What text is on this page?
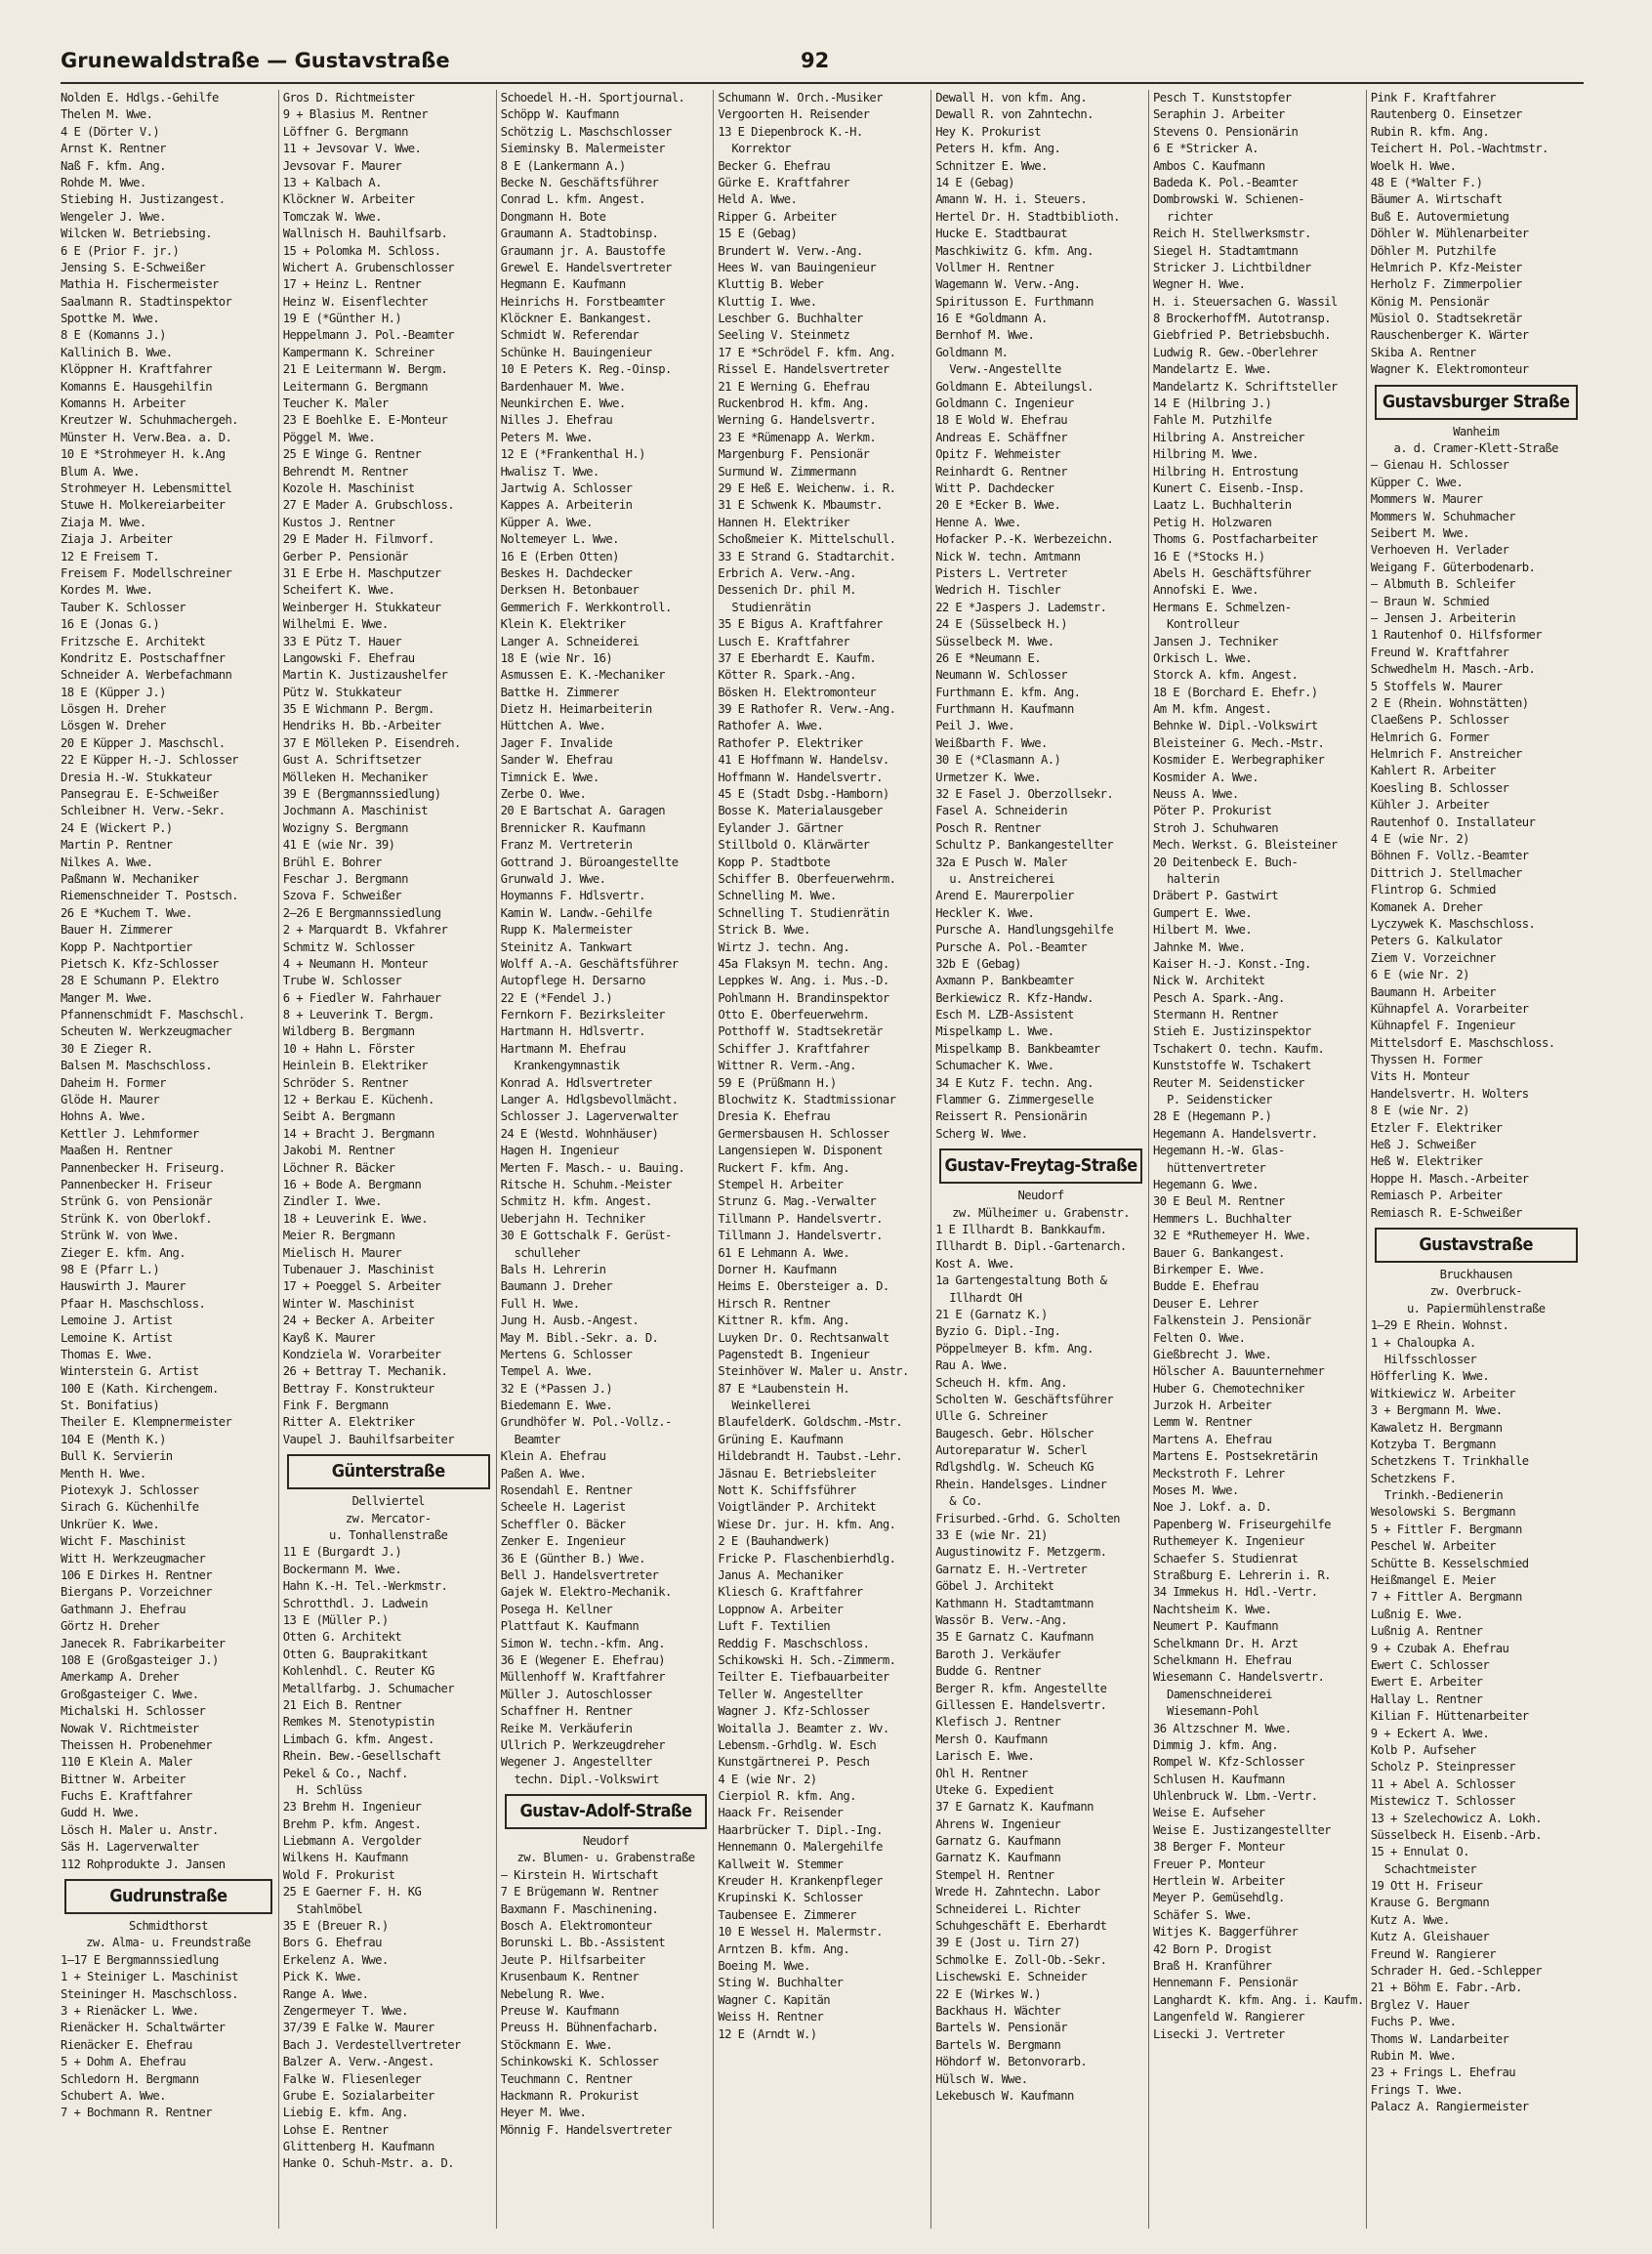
Grunewaldstraße — Gustavstraße	92
Nolden E. Hdlgs.-Gehilfe
Thelen M. Wwe.
4 E (Dörter V.)
Arnst K. Rentner
Naß F. kfm. Ang.
Rohde M. Wwe.
Stiebing H. Justizangest.
Wengeler J. Wwe.
Wilcken W. Betriebsing.
6 E (Prior F. jr.)
Jensing S. E-Schweißer
Mathia H. Fischermeister
Saalmann R. Stadtinspektor
Spottke M. Wwe.
8 E (Komanns J.)
Kallinich B. Wwe.
Klöppner H. Kraftfahrer
Komanns E. Hausgehilfin
Komanns H. Arbeiter
Kreutzer W. Schuhmachergeh.
Münster H. Verw.Bea. a. D.
10 E *Strohmeyer H. k.Ang
Blum A. Wwe.
Strohmeyer H. Lebensmittel
Stuwe H. Molkereiarbeiter
Ziaja M. Wwe.
Ziaja J. Arbeiter
12 E Freisem T.
Freisem F. Modellschreiner
Kordes M. Wwe.
Tauber K. Schlosser
16 E (Jonas G.)
Fritzsche E. Architekt
Kondritz E. Postschaffner
Schneider A. Werbefachmann
18 E (Küpper J.)
Lösgen H. Dreher
Lösgen W. Dreher
20 E Küpper J. Maschschl.
22 E Küpper H.-J. Schlosser
Dresia H.-W. Stukkateur
Pansegrau E. E-Schweißer
Schleibner H. Verw.-Sekr.
24 E (Wickert P.)
Martin P. Rentner
Nilkes A. Wwe.
Paßmann W. Mechaniker
Riemenschneider T. Postsch.
26 E *Kuchem T. Wwe.
Bauer H. Zimmerer
Kopp P. Nachtportier
Pietsch K. Kfz-Schlosser
28 E Schumann P. Elektro
Manger M. Wwe.
Pfannenschmidt F. Maschschl.
Scheuten W. Werkzeugmacher
30 E Zieger R.
Balsen M. Maschschloss.
Daheim H. Former
Glöde H. Maurer
Hohns A. Wwe.
Kettler J. Lehmformer
Maaßen H. Rentner
Pannenbecker H. Friseurg.
Pannenbecker H. Friseur
Strünk G. von Pensionär
Strünk K. von Oberlokf.
Strünk W. von Wwe.
Zieger E. kfm. Ang.
98 E (Pfarr L.)
Hauswirth J. Maurer
Pfaar H. Maschschloss.
Lemoine J. Artist
Lemoine K. Artist
Thomas E. Wwe.
Winterstein G. Artist
100 E (Kath. Kirchengem.
St. Bonifatius)
Theiler E. Klempnermeister
104 E (Menth K.)
Bull K. Servierin
Menth H. Wwe.
Piotexyk J. Schlosser
Sirach G. Küchenhilfe
Unkrüer K. Wwe.
Wicht F. Maschinist
Witt H. Werkzeugmacher
106 E Dirkes H. Rentner
Biergans P. Vorzeichner
Gathmann J. Ehefrau
Görtz H. Dreher
Janecek R. Fabrikarbeiter
108 E (Großgasteiger J.)
Amerkamp A. Dreher
Großgasteiger C. Wwe.
Michalski H. Schlosser
Nowak V. Richtmeister
Theissen H. Probenehmer
110 E Klein A. Maler
Bittner W. Arbeiter
Fuchs E. Kraftfahrer
Gudd H. Wwe.
Lösch H. Maler u. Anstr.
Säs H. Lagerverwalter
112 Rohprodukte J. Jansen
Gudrunstraße
Schmidthorst
zw. Alma- u. Freundstraße
1—17 E Bergmannssiedlung
1 + Steiniger L. Maschinist
Steininger H. Maschschloss.
3 + Rienäcker L. Wwe.
Rienäcker H. Schaltwärter
Rienäcker E. Ehefrau
5 + Dohm A. Ehefrau
Schledorn H. Bergmann
Schubert A. Wwe.
7 + Bochmann R. Rentner
Gros D. Richtmeister
9 + Blasius M. Rentner
Löffner G. Bergmann
11 + Jevsovar V. Wwe.
Jevsovar F. Maurer
13 + Kalbach A.
Klöckner W. Arbeiter
Tomczak W. Wwe.
Wallnisch H. Bauhilfsarb.
15 + Polomka M. Schloss.
Wichert A. Grubenschlosser
17 + Heinz L. Rentner
Heinz W. Eisenflechter
19 E (*Günther H.)
Heppelmann J. Pol.-Beamter
Kampermann K. Schreiner
21 E Leitermann W. Bergm.
Leitermann G. Bergmann
Teucher K. Maler
23 E Boehlke E. E-Monteur
Pöggel M. Wwe.
25 E Winge G. Rentner
Behrendt M. Rentner
Kozole H. Maschinist
27 E Mader A. Grubschloss.
Kustos J. Rentner
29 E Mader H. Filmvorf.
Gerber P. Pensionär
31 E Erbe H. Maschputzer
Scheifert K. Wwe.
Weinberger H. Stukkateur
Wilhelmi E. Wwe.
33 E Pütz T. Hauer
Langowski F. Ehefrau
Martin K. Justizaushelfer
Pütz W. Stukkateur
35 E Wichmann P. Bergm.
Hendriks H. Bb.-Arbeiter
37 E Mölleken P. Eisendreh.
Gust A. Schriftsetzer
Mölleken H. Mechaniker
39 E (Bergmannssiedlung)
Jochmann A. Maschinist
Wozigny S. Bergmann
41 E (wie Nr. 39)
Brühl E. Bohrer
Feschar J. Bergmann
Szova F. Schweißer
2—26 E Bergmannssiedlung
2 + Marquardt B. Vkfahrer
Schmitz W. Schlosser
4 + Neumann H. Monteur
Trube W. Schlosser
6 + Fiedler W. Fahrhauer
8 + Leuverink T. Bergm.
Wildberg B. Bergmann
10 + Hahn L. Förster
Heinlein B. Elektriker
Schröder S. Rentner
12 + Berkau E. Küchenh.
Seibt A. Bergmann
14 + Bracht J. Bergmann
Jakobi M. Rentner
Löchner R. Bäcker
16 + Bode A. Bergmann
Zindler I. Wwe.
18 + Leuverink E. Wwe.
Meier R. Bergmann
Mielisch H. Maurer
Tubenauer J. Maschinist
17 + Poeggel S. Arbeiter
Winter W. Maschinist
24 + Becker A. Arbeiter
Kayß K. Maurer
Kondziela W. Vorarbeiter
26 + Bettray T. Mechanik.
Bettray F. Konstrukteur
Fink F. Bergmann
Ritter A. Elektriker
Vaupel J. Bauhilfsarbeiter
Günterstraße
Dellviertel
zw. Mercator-
u. Tonhallenstraße
11 E (Burgardt J.)
Bockermann M. Wwe.
Hahn K.-H. Tel.-Werkmstr.
Schrotthdl. J. Ladwein
13 E (Müller P.)
Otten G. Architekt
Otten G. Bauprakitkant
Kohlenhdl. C. Reuter KG
Metallfarbg. J. Schumacher
21 Eich B. Rentner
Remkes M. Stenotypistin
Limbach G. kfm. Angest.
Rhein. Bew.-Gesellschaft
Pekel & Co., Nachf.
H. Schlüss
23 Brehm H. Ingenieur
Brehm P. kfm. Angest.
Liebmann A. Vergolder
Wilkens H. Kaufmann
Wold F. Prokurist
25 E Gaerner F. H. KG
Stahlmöbel
35 E (Breuer R.)
Bors G. Ehefrau
Erkelenz A. Wwe.
Pick K. Wwe.
Range A. Wwe.
Zengermeyer T. Wwe.
37/39 E Falke W. Maurer
Bach J. Verdestellvertreter
Balzer A. Verw.-Angest.
Falke W. Fliesenleger
Grube E. Sozialarbeiter
Liebig E. kfm. Ang.
Lohse E. Rentner
Glittenberg H. Kaufmann
Hanke O. Schuh-Mstr. a. D.
Schoedel H.-H. Sportjournal.
Schöpp W. Kaufmann
Schötzig L. Maschschlosser
Sieminsky B. Malermeister
8 E (Lankermann A.)
Becke N. Geschäftsführer
Conrad L. kfm. Angest.
Dongmann H. Bote
Graumann A. Stadtobinsp.
Graumann jr. A. Baustoffe
Grewel E. Handelsvertreter
Hegmann E. Kaufmann
Heinrichs H. Forstbeamter
Klöckner E. Bankangest.
Schmidt W. Referendar
Schünke H. Bauingenieur
10 E Peters K. Reg.-Oinsp.
Bardenhauer M. Wwe.
Neunkirchen E. Wwe.
Nilles J. Ehefrau
Peters M. Wwe.
12 E (*Frankenthal H.)
Hwalisz T. Wwe.
Jartwig A. Schlosser
Kappes A. Arbeiterin
Küpper A. Wwe.
Noltemeyer L. Wwe.
16 E (Erben Otten)
Beskes H. Dachdecker
Derksen H. Betonbauer
Gemmerich F. Werkkontroll.
Klein K. Elektriker
Langer A. Schneiderei
18 E (wie Nr. 16)
Asmussen E. K.-Mechaniker
Battke H. Zimmerer
Dietz H. Heimarbeiterin
Hüttchen A. Wwe.
Jager F. Invalide
Sander W. Ehefrau
Timnick E. Wwe.
Zerbe O. Wwe.
20 E Bartschat A. Garagen
Brennicker R. Kaufmann
Franz M. Vertreterin
Gottrand J. Büroangestellte
Grunwald J. Wwe.
Hoymanns F. Hdlsvertr.
Kamin W. Landw.-Gehilfe
Rupp K. Malermeister
Steinitz A. Tankwart
Wolff A.-A. Geschäftsführer
Autopflege H. Dersarno
22 E (*Fendel J.)
Fernkorn F. Bezirksleiter
Hartmann H. Hdlsvertr.
Hartmann M. Ehefrau
Krankengymnastik
Konrad A. Hdlsvertreter
Langer A. Hdlgsbevollmächt.
Schlosser J. Lagerverwalter
24 E (Westd. Wohnhäuser)
Hagen H. Ingenieur
Merten F. Masch.- u. Bauing.
Ritsche H. Schuhm.-Meister
Schmitz H. kfm. Angest.
Ueberjahn H. Techniker
30 E Gottschalk F. Gerüst-
schulleher
Bals H. Lehrerin
Baumann J. Dreher
Full H. Wwe.
Jung H. Ausb.-Angest.
May M. Bibl.-Sekr. a. D.
Mertens G. Schlosser
Tempel A. Wwe.
32 E (*Passen J.)
Biedemann E. Wwe.
Grundhöfer W. Pol.-Vollz.-
Beamter
Klein A. Ehefrau
Paßen A. Wwe.
Rosendahl E. Rentner
Scheele H. Lagerist
Scheffler O. Bäcker
Zenker E. Ingenieur
36 E (Günther B.) Wwe.
Bell J. Handelsvertreter
Gajek W. Elektro-Mechanik.
Posega H. Kellner
Plattfaut K. Kaufmann
Simon W. techn.-kfm. Ang.
36 E (Wegener E. Ehefrau)
Müllenhoff W. Kraftfahrer
Müller J. Autoschlosser
Schaffner H. Rentner
Reike M. Verkäuferin
Ullrich P. Werkzeugdreher
Wegener J. Angestellter
techn. Dipl.-Volkswirt
Gustav-Adolf-Straße
Neudorf
zw. Blumen- u. Grabenstraße
— Kirstein H. Wirtschaft
7 E Brügemann W. Rentner
Baxmann F. Maschinening.
Bosch A. Elektromonteur
Borunski L. Bb.-Assistent
Jeute P. Hilfsarbeiter
Krusenbaum K. Rentner
Nebelung R. Wwe.
Preuse W. Kaufmann
Preuss H. Bühnenfacharb.
Stöckmann E. Wwe.
Schinkowski K. Schlosser
Teuchmann C. Rentner
Hackmann R. Prokurist
Heyer M. Wwe.
Mönnig F. Handelsvertreter
Schumann W. Orch.-Musiker
Vergoorten H. Reisender
13 E Diepenbrock K.-H.
Korrektor
Becker G. Ehefrau
Gürke E. Kraftfahrer
Held A. Wwe.
Ripper G. Arbeiter
15 E (Gebag)
Brundert W. Verw.-Ang.
Hees W. van Bauingenieur
Kluttig B. Weber
Kluttig I. Wwe.
Leschber G. Buchhalter
Seeling V. Steinmetz
17 E *Schrödel F. kfm. Ang.
Rissel E. Handelsvertreter
21 E Werning G. Ehefrau
Ruckenbrod H. kfm. Ang.
Werning G. Handelsvertr.
23 E *Rümenapp A. Werkm.
Margenburg F. Pensionär
Surmund W. Zimmermann
29 E Heß E. Weichenw. i. R.
31 E Schwenk K. Mbaumstr.
Hannen H. Elektriker
Schoßmeier K. Mittelschull.
33 E Strand G. Stadtarchit.
Erbrich A. Verw.-Ang.
Dessenich Dr. phil M.
Studienrätin
35 E Bigus A. Kraftfahrer
Lusch E. Kraftfahrer
37 E Eberhardt E. Kaufm.
Kötter R. Spark.-Ang.
Bösken H. Elektromonteur
39 E Rathofer R. Verw.-Ang.
Rathofer A. Wwe.
Rathofer P. Elektriker
41 E Hoffmann W. Handelsv.
Hoffmann W. Handelsvertr.
45 E (Stadt Dsbg.-Hamborn)
Bosse K. Materialausgeber
Eylander J. Gärtner
Stillbold O. Klärwärter
Kopp P. Stadtbote
Schiffer B. Oberfeuerwehrm.
Schnelling M. Wwe.
Schnelling T. Studienrätin
Strick B. Wwe.
Wirtz J. techn. Ang.
45a Flaksyn M. techn. Ang.
Leppkes W. Ang. i. Mus.-D.
Pohlmann H. Brandinspektor
Otto E. Oberfeuerwehrm.
Potthoff W. Stadtsekretär
Schiffer J. Kraftfahrer
Wittner R. Verm.-Ang.
59 E (Prüßmann H.)
Blochwitz K. Stadtmissionar
Dresia K. Ehefrau
Germersbausen H. Schlosser
Langensiepen W. Disponent
Ruckert F. kfm. Ang.
Stempel H. Arbeiter
Strunz G. Mag.-Verwalter
Tillmann P. Handelsvertr.
Tillmann J. Handelsvertr.
61 E Lehmann A. Wwe.
Dorner H. Kaufmann
Heims E. Obersteiger a. D.
Hirsch R. Rentner
Kittner R. kfm. Ang.
Luyken Dr. O. Rechtsanwalt
Pagenstedt B. Ingenieur
Steinhöver W. Maler u. Anstr.
87 E *Laubenstein H.
Weinkellerei
BlaufelderK. Goldschm.-Mstr.
Grüning E. Kaufmann
Hildebrandt H. Taubst.-Lehr.
Jäsnau E. Betriebsleiter
Nott K. Schiffsführer
Voigtländer P. Architekt
Wiese Dr. jur. H. kfm. Ang.
2 E (Bauhandwerk)
Fricke P. Flaschenbierhdlg.
Janus A. Mechaniker
Kliesch G. Kraftfahrer
Loppnow A. Arbeiter
Luft F. Textilien
Reddig F. Maschschloss.
Schikowski H. Sch.-Zimmerm.
Teilter E. Tiefbauarbeiter
Teller W. Angestellter
Wagner J. Kfz-Schlosser
Woitalla J. Beamter z. Wv.
Lebensm.-Grhdlg. W. Esch
Kunstgärtnerei P. Pesch
4 E (wie Nr. 2)
Cierpiol R. kfm. Ang.
Haack Fr. Reisender
Haarbrücker T. Dipl.-Ing.
Hennemann O. Malergehilfe
Kallweit W. Stemmer
Kreuder H. Krankenpfleger
Krupinski K. Schlosser
Taubensee E. Zimmerer
10 E Wessel H. Malermstr.
Arntzen B. kfm. Ang.
Boeing M. Wwe.
Sting W. Buchhalter
Wagner C. Kapitän
Weiss H. Rentner
12 E (Arndt W.)
Dewall H. von kfm. Ang.
Dewall R. von Zahntechn.
Hey K. Prokurist
Peters H. kfm. Ang.
Schnitzer E. Wwe.
14 E (Gebag)
Amann W. H. i. Steuers.
Hertel Dr. H. Stadtbiblioth.
Hucke E. Stadtbaurat
Maschkiwitz G. kfm. Ang.
Vollmer H. Rentner
Wagemann W. Verw.-Ang.
Spiritusson E. Furthmann
16 E *Goldmann A.
Bernhof M. Wwe.
Goldmann M.
Verw.-Angestellte
Goldmann E. Abteilungsl.
Goldmann C. Ingenieur
18 E Wold W. Ehefrau
Andreas E. Schäffner
Opitz F. Wehmeister
Reinhardt G. Rentner
Witt P. Dachdecker
20 E *Ecker B. Wwe.
Henne A. Wwe.
Hofacker P.-K. Werbezeichn.
Nick W. techn. Amtmann
Pisters L. Vertreter
Wedrich H. Tischler
22 E *Jaspers J. Lademstr.
24 E (Süsselbeck H.)
Süsselbeck M. Wwe.
26 E *Neumann E.
Neumann W. Schlosser
Furthmann E. kfm. Ang.
Furthmann H. Kaufmann
Peil J. Wwe.
Weißbarth F. Wwe.
30 E (*Clasmann A.)
Urmetzer K. Wwe.
32 E Fasel J. Oberzollsekr.
Fasel A. Schneiderin
Posch R. Rentner
Schultz P. Bankangestellter
32a E Pusch W. Maler
u. Anstreicherei
Arend E. Maurerpolier
Heckler K. Wwe.
Pursche A. Handlungsgehilfe
Pursche A. Pol.-Beamter
32b E (Gebag)
Axmann P. Bankbeamter
Berkiewicz R. Kfz-Handw.
Esch M. LZB-Assistent
Mispelkamp L. Wwe.
Mispelkamp B. Bankbeamter
Schumacher K. Wwe.
34 E Kutz F. techn. Ang.
Flammer G. Zimmergeselle
Reissert R. Pensionärin
Scherg W. Wwe.
Gustav-Freytag-Straße
Neudorf
zw. Mülheimer u. Grabenstr.
1 E Illhardt B. Bankkaufm.
Illhardt B. Dipl.-Gartenarch.
Kost A. Wwe.
1a Gartengestaltung Both &
Illhardt OH
21 E (Garnatz K.)
Byzio G. Dipl.-Ing.
Pöppelmeyer B. kfm. Ang.
Rau A. Wwe.
Scheuch H. kfm. Ang.
Scholten W. Geschäftsführer
Ulle G. Schreiner
Baugesch. Gebr. Hölscher
Autoreparatur W. Scherl
Rdlgshdlg. W. Scheuch KG
Rhein. Handelsges. Lindner
& Co.
Frisurbed.-Grhd. G. Scholten
33 E (wie Nr. 21)
Augustinowitz F. Metzgerm.
Garnatz E. H.-Vertreter
Göbel J. Architekt
Kathmann H. Stadtamtmann
Wassör B. Verw.-Ang.
35 E Garnatz C. Kaufmann
Baroth J. Verkäufer
Budde G. Rentner
Berger R. kfm. Angestellte
Gillessen E. Handelsvertr.
Klefisch J. Rentner
Mersh O. Kaufmann
Larisch E. Wwe.
Ohl H. Rentner
Uteke G. Expedient
37 E Garnatz K. Kaufmann
Ahrens W. Ingenieur
Garnatz G. Kaufmann
Garnatz K. Kaufmann
Stempel H. Rentner
Wrede H. Zahntechn. Labor
Schneiderei L. Richter
Schuhgeschäft E. Eberhardt
39 E (Jost u. Tirn 27)
Schmolke E. Zoll-Ob.-Sekr.
Lischewski E. Schneider
22 E (Wirkes W.)
Backhaus H. Wächter
Bartels W. Pensionär
Bartels W. Bergmann
Höhdorf W. Betonvorarb.
Hülsch W. Wwe.
Lekebusch W. Kaufmann
Pesch T. Kunststopfer
Seraphin J. Arbeiter
Stevens O. Pensionärin
6 E *Stricker A.
Ambos C. Kaufmann
Badeda K. Pol.-Beamter
Dombrowski W. Schienen-
richter
Reich H. Stellwerksmstr.
Siegel H. Stadtamtmann
Stricker J. Lichtbildner
Wegner H. Wwe.
H. i. Steuersachen G. Wassil
8 BrockerhoffM. Autotransp.
Giebfried P. Betriebsbuchh.
Ludwig R. Gew.-Oberlehrer
Mandelartz E. Wwe.
Mandelartz K. Schriftsteller
14 E (Hilbring J.)
Fahle M. Putzhilfe
Hilbring A. Anstreicher
Hilbring M. Wwe.
Hilbring H. Entrostung
Kunert C. Eisenb.-Insp.
Laatz L. Buchhalterin
Petig H. Holzwaren
Thoms G. Postfacharbeiter
16 E (*Stocks H.)
Abels H. Geschäftsführer
Annofski E. Wwe.
Hermans E. Schmelzen-
Kontrolleur
Jansen J. Techniker
Orkisch L. Wwe.
Storck A. kfm. Angest.
18 E (Borchard E. Ehefr.)
Am M. kfm. Angest.
Behnke W. Dipl.-Volkswirt
Bleisteiner G. Mech.-Mstr.
Kosmider E. Werbegraphiker
Kosmider A. Wwe.
Neuss A. Wwe.
Pöter P. Prokurist
Stroh J. Schuhwaren
Mech. Werkst. G. Bleisteiner
20 Deitenbeck E. Buch-
halterin
Dräbert P. Gastwirt
Gumpert E. Wwe.
Hilbert M. Wwe.
Jahnke M. Wwe.
Kaiser H.-J. Konst.-Ing.
Nick W. Architekt
Pesch A. Spark.-Ang.
Stermann H. Rentner
Stieh E. Justizinspektor
Tschakert O. techn. Kaufm.
Kunststoffe W. Tschakert
Reuter M. Seidensticker
P. Seidensticker
28 E (Hegemann P.)
Hegemann A. Handelsvertr.
Hegemann H.-W. Glas-
hüttenvertreter
Hegemann G. Wwe.
30 E Beul M. Rentner
Hemmers L. Buchhalter
32 E *Ruthemeyer H. Wwe.
Bauer G. Bankangest.
Birkemper E. Wwe.
Budde E. Ehefrau
Deuser E. Lehrer
Falkenstein J. Pensionär
Felten O. Wwe.
Gießbrecht J. Wwe.
Hölscher A. Bauunternehmer
Huber G. Chemotechniker
Jurzok H. Arbeiter
Lemm W. Rentner
Martens A. Ehefrau
Martens E. Postsekretärin
Meckstroth F. Lehrer
Moses M. Wwe.
Noe J. Lokf. a. D.
Papenberg W. Friseurgehilfe
Ruthemeyer K. Ingenieur
Schaefer S. Studienrat
Straßburg E. Lehrerin i. R.
34 Immekus H. Hdl.-Vertr.
Nachtsheim K. Wwe.
Neumert P. Kaufmann
Schelkmann Dr. H. Arzt
Schelkmann H. Ehefrau
Wiesemann C. Handelsvertr.
Damenschneiderei
Wiesemann-Pohl
36 Altzschner M. Wwe.
Dimmig J. kfm. Ang.
Rompel W. Kfz-Schlosser
Schlusen H. Kaufmann
Uhlenbruck W. Lbm.-Vertr.
Weise E. Aufseher
Weise E. Justizangestellter
38 Berger F. Monteur
Freuer P. Monteur
Hertlein W. Arbeiter
Meyer P. Gemüsehdlg.
Schäfer S. Wwe.
Witjes K. Baggerführer
42 Born P. Drogist
Braß H. Kranführer
Hennemann F. Pensionär
Langhardt K. kfm. Ang. i. Kaufm.
Langenfeld W. Rangierer
Lisecki J. Vertreter
Pink F. Kraftfahrer
Rautenberg O. Einsetzer
Rubin R. kfm. Ang.
Teichert H. Pol.-Wachtmstr.
Woelk H. Wwe.
48 E (*Walter F.)
Bäumer A. Wirtschaft
Buß E. Autovermietung
Döhler W. Mühlenarbeiter
Döhler M. Putzhilfe
Helmrich P. Kfz-Meister
Herholz F. Zimmerpolier
König M. Pensionär
Müsiol O. Stadtsekretär
Rauschenberger K. Wärter
Skiba A. Rentner
Wagner K. Elektromonteur
Gustavsburger Straße
Wanheim
a. d. Cramer-Klett-Straße
— Gienau H. Schlosser
Küpper C. Wwe.
Mommers W. Maurer
Mommers W. Schuhmacher
Seibert M. Wwe.
Verhoeven H. Verlader
Weigang F. Güterbodenarb.
— Albmuth B. Schleifer
— Braun W. Schmied
— Jensen J. Arbeiterin
1 Rautenhof O. Hilfsformer
Freund W. Kraftfahrer
Schwedhelm H. Masch.-Arb.
5 Stoffels W. Maurer
2 E (Rhein. Wohnstätten)
Claeßens P. Schlosser
Helmrich G. Former
Helmrich F. Anstreicher
Kahlert R. Arbeiter
Koesling B. Schlosser
Kühler J. Arbeiter
Rautenhof O. Installateur
4 E (wie Nr. 2)
Böhnen F. Vollz.-Beamter
Dittrich J. Stellmacher
Flintrop G. Schmied
Komanek A. Dreher
Lyczywek K. Maschschloss.
Peters G. Kalkulator
Ziem V. Vorzeichner
6 E (wie Nr. 2)
Baumann H. Arbeiter
Kühnapfel A. Vorarbeiter
Kühnapfel F. Ingenieur
Mittelsdorf E. Maschschloss.
Thyssen H. Former
Vits H. Monteur
Handelsvertr. H. Wolters
8 E (wie Nr. 2)
Etzler F. Elektriker
Heß J. Schweißer
Heß W. Elektriker
Hoppe H. Masch.-Arbeiter
Remiasch P. Arbeiter
Remiasch R. E-Schweißer
Gustavstraße
Bruckhausen
zw. Overbruck-
u. Papiermühlenstraße
1—29 E Rhein. Wohnst.
1 + Chaloupka A.
Hilfsschlosser
Höfferling K. Wwe.
Witkiewicz W. Arbeiter
3 + Bergmann M. Wwe.
Kawaletz H. Bergmann
Kotzyba T. Bergmann
Schetzkens T. Trinkhalle
Schetzkens F.
Trinkh.-Bedienerin
Wesolowski S. Bergmann
5 + Fittler F. Bergmann
Peschel W. Arbeiter
Schütte B. Kesselschmied
Heißmangel E. Meier
7 + Fittler A. Bergmann
Lußnig E. Wwe.
Lußnig A. Rentner
9 + Czubak A. Ehefrau
Ewert C. Schlosser
Ewert E. Arbeiter
Hallay L. Rentner
Kilian F. Hüttenarbeiter
9 + Eckert A. Wwe.
Kolb P. Aufseher
Scholz P. Steinpresser
11 + Abel A. Schlosser
Mistewicz T. Schlosser
13 + Szelechowicz A. Lokh.
Süsselbeck H. Eisenb.-Arb.
15 + Ennulat O.
Schachtmeister
19 Ott H. Friseur
Krause G. Bergmann
Kutz A. Wwe.
Kutz A. Gleishauer
Freund W. Rangierer
Schrader H. Ged.-Schlepper
21 + Böhm E. Fabr.-Arb.
Brglez V. Hauer
Fuchs P. Wwe.
Thoms W. Landarbeiter
Rubin M. Wwe.
23 + Frings L. Ehefrau
Frings T. Wwe.
Palacz A. Rangiermeister
